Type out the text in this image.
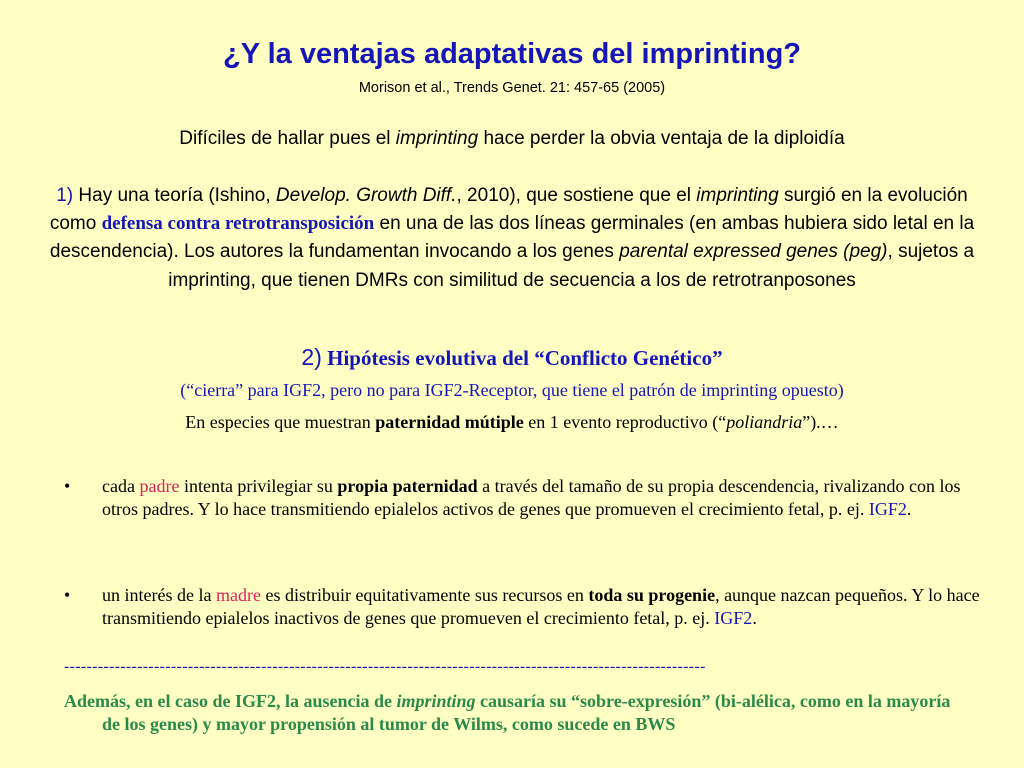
¿Y la ventajas adaptativas del imprinting?
Morison et al., Trends Genet. 21: 457-65 (2005)
Difíciles de hallar pues el imprinting hace perder la obvia ventaja de la diploidía
1) Hay una teoría (Ishino, Develop. Growth Diff., 2010), que sostiene que el imprinting surgió en la evolución como defensa contra retrotransposición en una de las dos líneas germinales (en ambas hubiera sido letal en la descendencia). Los autores la fundamentan invocando a los genes parental expressed genes (peg), sujetos a imprinting, que tienen DMRs con similitud de secuencia a los de retrotranposones
2) Hipótesis evolutiva del “Conflicto Genético”
(“cierra” para IGF2, pero no para IGF2-Receptor, que tiene el patrón de imprinting opuesto)
En especies que muestran paternidad mútiple en 1 evento reproductivo (“poliandria”).…
• cada padre intenta privilegiar su propia paternidad a través del tamaño de su propia descendencia, rivalizando con los otros padres. Y lo hace transmitiendo epialelos activos de genes que promueven el crecimiento fetal, p. ej. IGF2.
• un interés de la madre es distribuir equitativamente sus recursos en toda su progenie, aunque nazcan pequeños. Y lo hace transmitiendo epialelos inactivos de genes que promueven el crecimiento fetal, p. ej. IGF2.
------------------------------------------------------------------------------------------------------------------
Además, en el caso de IGF2, la ausencia de imprinting causaría su “sobre-expresión” (bi-alélica, como en la mayoría de los genes) y mayor propensión al tumor de Wilms, como sucede en BWS
